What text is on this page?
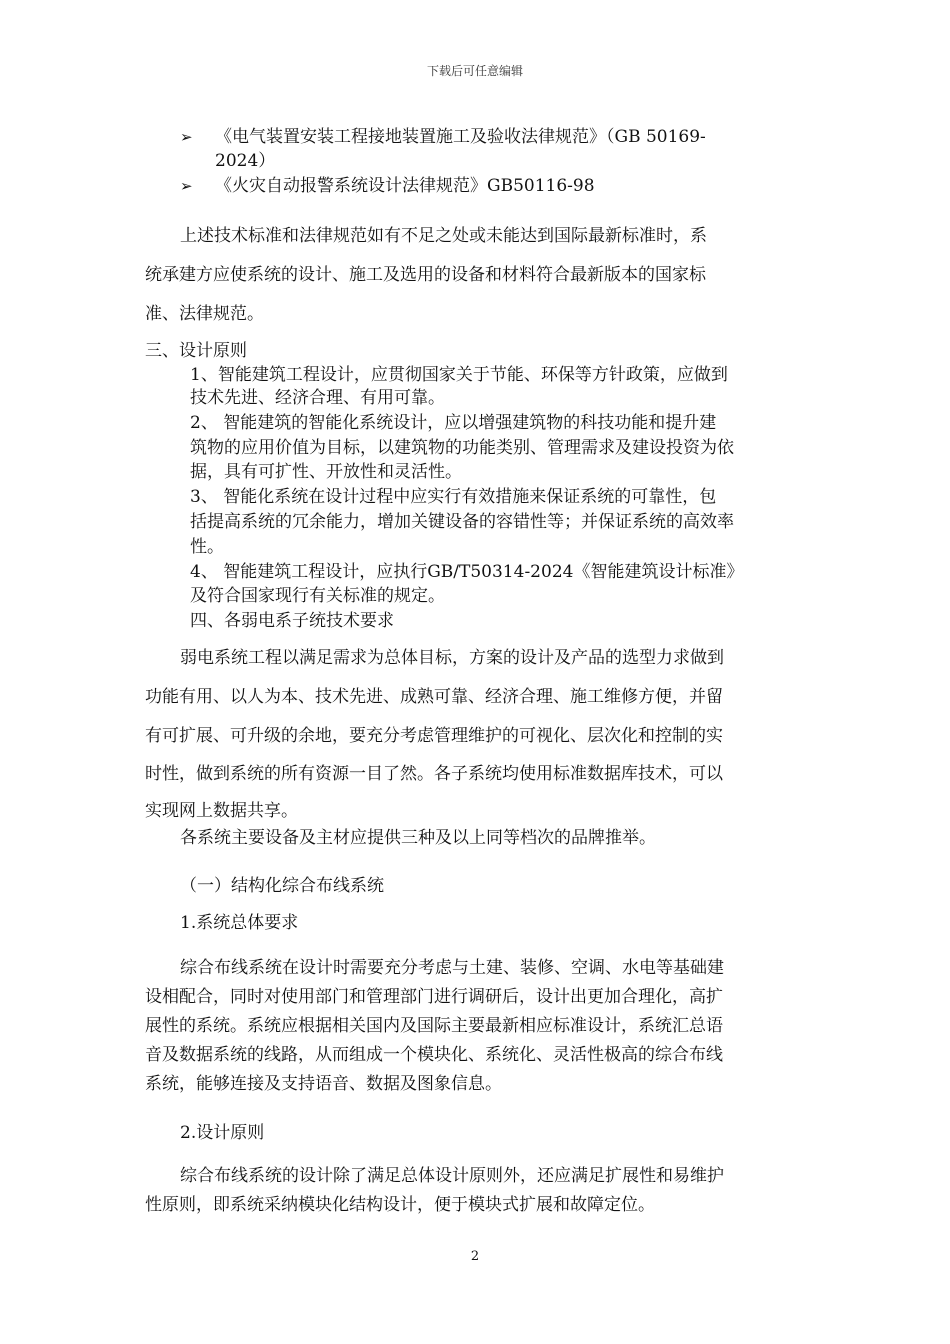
下载后可任意编辑
➢ 《电气装置安装工程接地装置施工及验收法律规范》（GB 50169-
2024）
➢ 《火灾自动报警系统设计法律规范》GB50116-98
上述技术标准和法律规范如有不足之处或未能达到国际最新标准时，系
统承建方应使系统的设计、施工及选用的设备和材料符合最新版本的国家标
准、法律规范。
三、设计原则
1、智能建筑工程设计，应贯彻国家关于节能、环保等方针政策，应做到
技术先进、经济合理、有用可靠。
2、 智能建筑的智能化系统设计，应以增强建筑物的科技功能和提升建
筑物的应用价值为目标，以建筑物的功能类别、管理需求及建设投资为依
据，具有可扩性、开放性和灵活性。
3、 智能化系统在设计过程中应实行有效措施来保证系统的可靠性，包
括提高系统的冗余能力，增加关键设备的容错性等；并保证系统的高效率
性。
4、 智能建筑工程设计，应执行GB/T50314-2024《智能建筑设计标准》
及符合国家现行有关标准的规定。
四、各弱电系子统技术要求
弱电系统工程以满足需求为总体目标，方案的设计及产品的选型力求做到
功能有用、以人为本、技术先进、成熟可靠、经济合理、施工维修方便，并留
有可扩展、可升级的余地，要充分考虑管理维护的可视化、层次化和控制的实
时性，做到系统的所有资源一目了然。各子系统均使用标准数据库技术，可以
实现网上数据共享。
各系统主要设备及主材应提供三种及以上同等档次的品牌推举。
（一）结构化综合布线系统
1.系统总体要求
综合布线系统在设计时需要充分考虑与土建、装修、空调、水电等基础建
设相配合，同时对使用部门和管理部门进行调研后，设计出更加合理化，高扩
展性的系统。系统应根据相关国内及国际主要最新相应标准设计，系统汇总语
音及数据系统的线路，从而组成一个模块化、系统化、灵活性极高的综合布线
系统，能够连接及支持语音、数据及图象信息。
2.设计原则
综合布线系统的设计除了满足总体设计原则外，还应满足扩展性和易维护
性原则，即系统采纳模块化结构设计，便于模块式扩展和故障定位。
2
